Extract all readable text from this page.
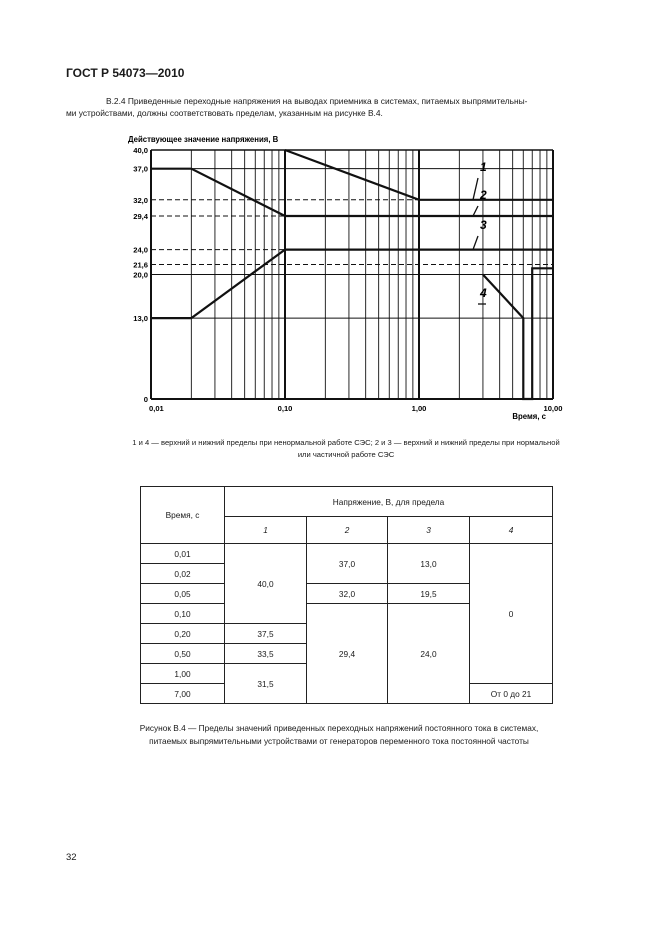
ГОСТ Р 54073—2010
В.2.4 Приведенные переходные напряжения на выводах приемника в системах, питаемых выпрямительны-
ми устройствами, должны соответствовать пределам, указанным на рисунке В.4.
Действующее значение напряжения, В
0
13,0
20,0
21,6
24,0
29,4
32,0
37,0
40,0
0,01	0,10	1,00	10,00
1
2
3
4
Время, с
1 и 4 — верхний и нижний пределы при ненормальной работе СЭС; 2 и 3 — верхний и нижний пределы при нормальной
или частичной работе СЭС
Время, с	Напряжение, В, для предела			
	1	2	3	4
0,01	40,0	37,0	13,0	0
0,02				
0,05		32,0	19,5	
0,10		29,4	24,0	
0,20	37,5			
0,50	33,5			
1,00	31,5			
7,00				От 0 до 21
Рисунок В.4 — Пределы значений приведенных переходных напряжений постоянного тока в системах,
питаемых выпрямительными устройствами от генераторов переменного тока постоянной частоты
32
